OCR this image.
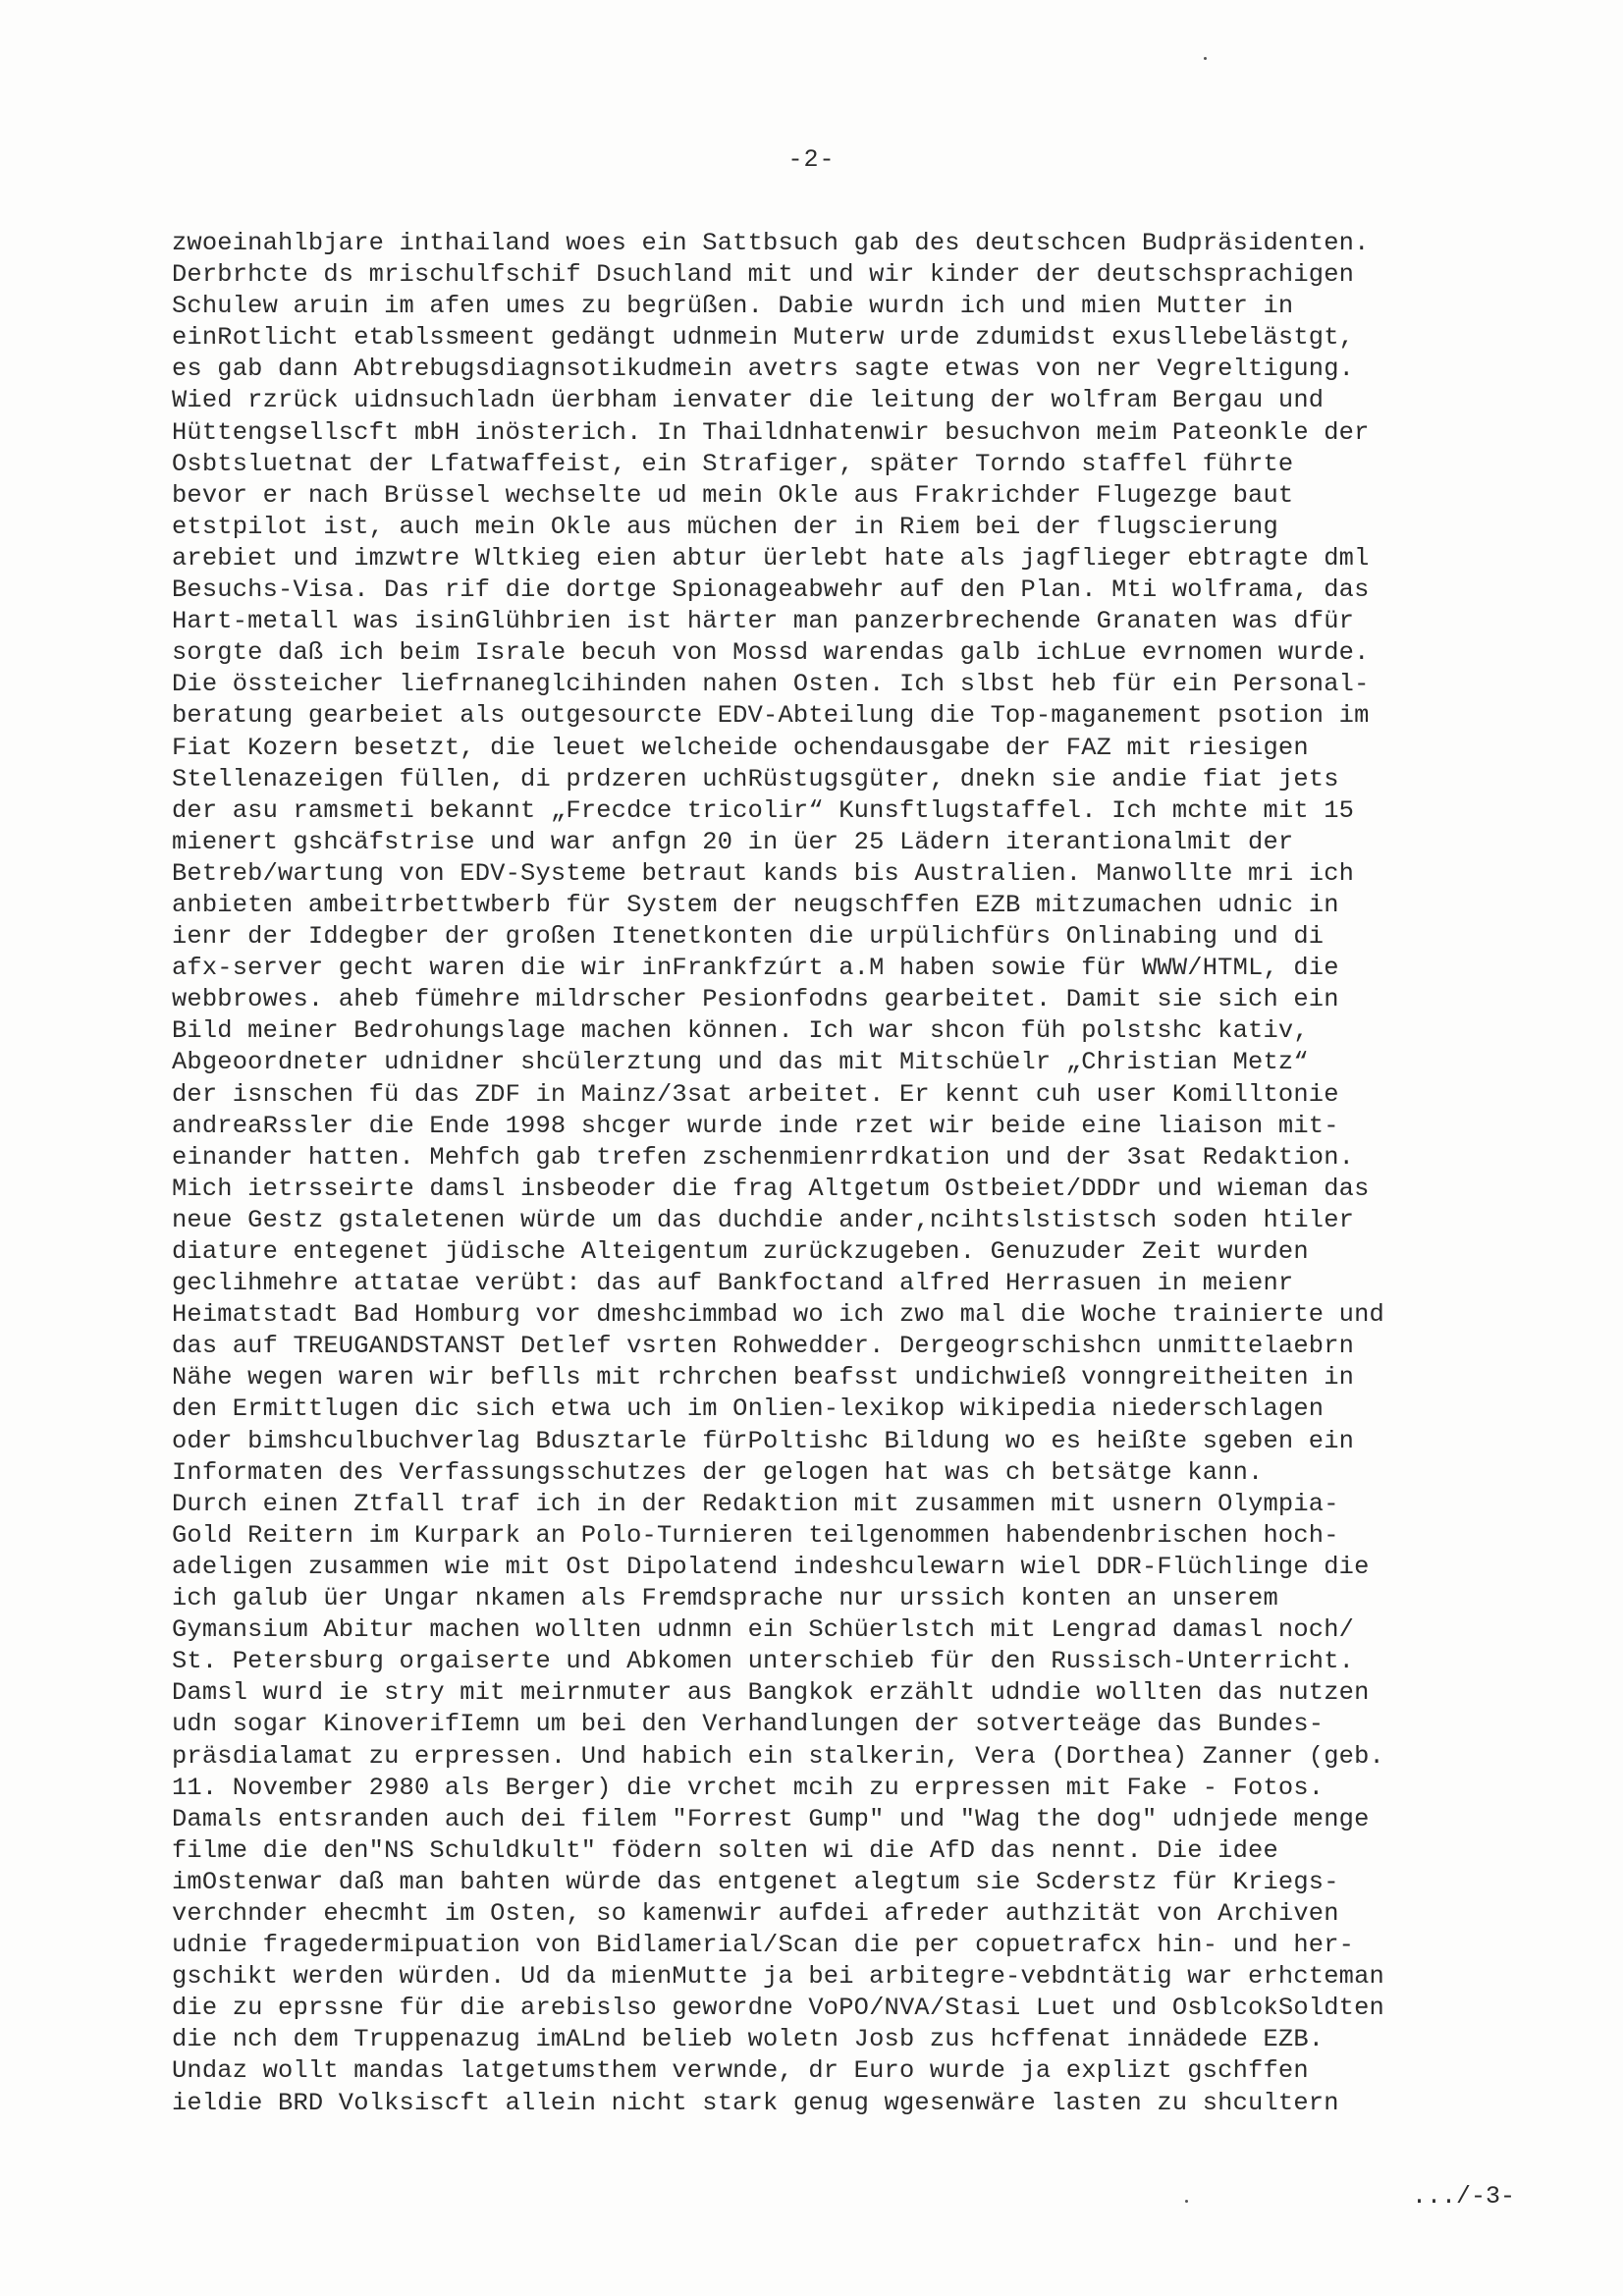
-2-
zwoeinahlbjare inthailand woes ein Sattbsuch gab des deutschcen Budpräsidenten.
Derbrhcte ds mrischulfschif Dsuchland mit und wir kinder der deutschsprachigen
Schulew aruin im afen umes zu begrüßen. Dabie wurdn ich und mien Mutter in
einRotlicht etablssmeent gedängt udnmein Muterw urde zdumidst exusllebelästgt,
es gab dann Abtrebugsdiagnsotikudmein avetrs sagte etwas von ner Vegreltigung.
Wied rzrück uidnsuchladn üerbham ienvater die leitung der wolfram Bergau und
Hüttengsellscft mbH inösterich. In Thaildnhatenwir besuchvon meim Pateonkle der
Osbtsluetnat der Lfatwaffeist, ein Strafiger, später Torndo staffel führte
bevor er nach Brüssel wechselte ud mein Okle aus Frakrichder Flugezge baut
etstpilot ist, auch mein Okle aus müchen der in Riem bei der flugscierung
arebiet und imzwtre Wltkieg eien abtur üerlebt hate als jagflieger ebtragte dml
Besuchs-Visa. Das rif die dortge Spionageabwehr auf den Plan. Mti wolframa, das
Hart-metall was isinGlühbrien ist härter man panzerbrechende Granaten was dfür
sorgte daß ich beim Israle becuh von Mossd warendas galb ichLue evrnomen wurde.
Die össteicher liefrnaneglcihinden nahen Osten. Ich slbst heb für ein Personal-
beratung gearbeiet als outgesourcte EDV-Abteilung die Top-maganement psotion im
Fiat Kozern besetzt, die leuet welcheide ochendausgabe der FAZ mit riesigen
Stellenazeigen füllen, di prdzeren uchRüstugsgüter, dnekn sie andie fiat jets
der asu ramsmeti bekannt „Frecdce tricolir“ Kunsftlugstaffel. Ich mchte mit 15
mienert gshcäfstrise und war anfgn 20 in üer 25 Lädern iterantionalmit der
Betreb/wartung von EDV-Systeme betraut kands bis Australien. Manwollte mri ich
anbieten ambeitrbettwberb für System der neugschffen EZB mitzumachen udnic in
ienr der Iddegber der großen Itenetkonten die urpülichfürs Onlinabing und di
afx-server gecht waren die wir inFrankfzúrt a.M haben sowie für WWW/HTML, die
webbrowes. aheb fümehre mildrscher Pesionfodns gearbeitet. Damit sie sich ein
Bild meiner Bedrohungslage machen können. Ich war shcon füh polstshc kativ,
Abgeoordneter udnidner shcülerztung und das mit Mitschüelr „Christian Metz“
der isnschen fü das ZDF in Mainz/3sat arbeitet. Er kennt cuh user Komilltonie
andreaRssler die Ende 1998 shcger wurde inde rzet wir beide eine liaison mit-
einander hatten. Mehfch gab trefen zschenmienrrdkation und der 3sat Redaktion.
Mich ietrsseirte damsl insbeoder die frag Altgetum Ostbeiet/DDDr und wieman das
neue Gestz gstaletenen würde um das duchdie ander,ncihtslstistsch soden htiler
diature entegenet jüdische Alteigentum zurückzugeben. Genuzuder Zeit wurden
geclihmehre attatae verübt: das auf Bankfoctand alfred Herrasuen in meienr
Heimatstadt Bad Homburg vor dmeshcimmbad wo ich zwo mal die Woche trainierte und
das auf TREUGANDSTANST Detlef vsrten Rohwedder. Dergeogrschishcn unmittelaebrn
Nähe wegen waren wir beflls mit rchrchen beafsst undichwieß vonngreitheiten in
den Ermittlugen dic sich etwa uch im Onlien-lexikop wikipedia niederschlagen
oder bimshculbuchverlag Bdusztarle fürPoltishc Bildung wo es heißte sgeben ein
Informaten des Verfassungsschutzes der gelogen hat was ch betsätge kann.
Durch einen Ztfall traf ich in der Redaktion mit zusammen mit usnern Olympia-
Gold Reitern im Kurpark an Polo-Turnieren teilgenommen habendenbrischen hoch-
adeligen zusammen wie mit Ost Dipolatend indeshculewarn wiel DDR-Flüchlinge die
ich galub üer Ungar nkamen als Fremdsprache nur urssich konten an unserem
Gymansium Abitur machen wollten udnmn ein Schüerlstch mit Lengrad damasl noch/
St. Petersburg orgaiserte und Abkomen unterschieb für den Russisch-Unterricht.
Damsl wurd ie stry mit meirnmuter aus Bangkok erzählt udndie wollten das nutzen
udn sogar KinoverifIemn um bei den Verhandlungen der sotverteäge das Bundes-
präsdialamat zu erpressen. Und habich ein stalkerin, Vera (Dorthea) Zanner (geb.
11. November 2980 als Berger) die vrchet mcih zu erpressen mit Fake - Fotos.
Damals entsranden auch dei filem "Forrest Gump" und "Wag the dog" udnjede menge
filme die den"NS Schuldkult" födern solten wi die AfD das nennt. Die idee
imOstenwar daß man bahten würde das entgenet alegtum sie Scderstz für Kriegs-
verchnder ehecmht im Osten, so kamenwir aufdei afreder authzität von Archiven
udnie fragedermipuation von Bidlamerial/Scan die per copuetrafcx hin- und her-
gschikt werden würden. Ud da mienMutte ja bei arbitegre-vebdntätig war erhcteman
die zu eprssne für die arebislso gewordne VoPO/NVA/Stasi Luet und OsblcokSoldten
die nch dem Truppenazug imALnd belieb woletn Josb zus hcffenat innädede EZB.
Undaz wollt mandas latgetumsthem verwnde, dr Euro wurde ja explizt gschffen
ieldie BRD Volksiscft allein nicht stark genug wgesenwäre lasten zu shcultern
.../-3-
